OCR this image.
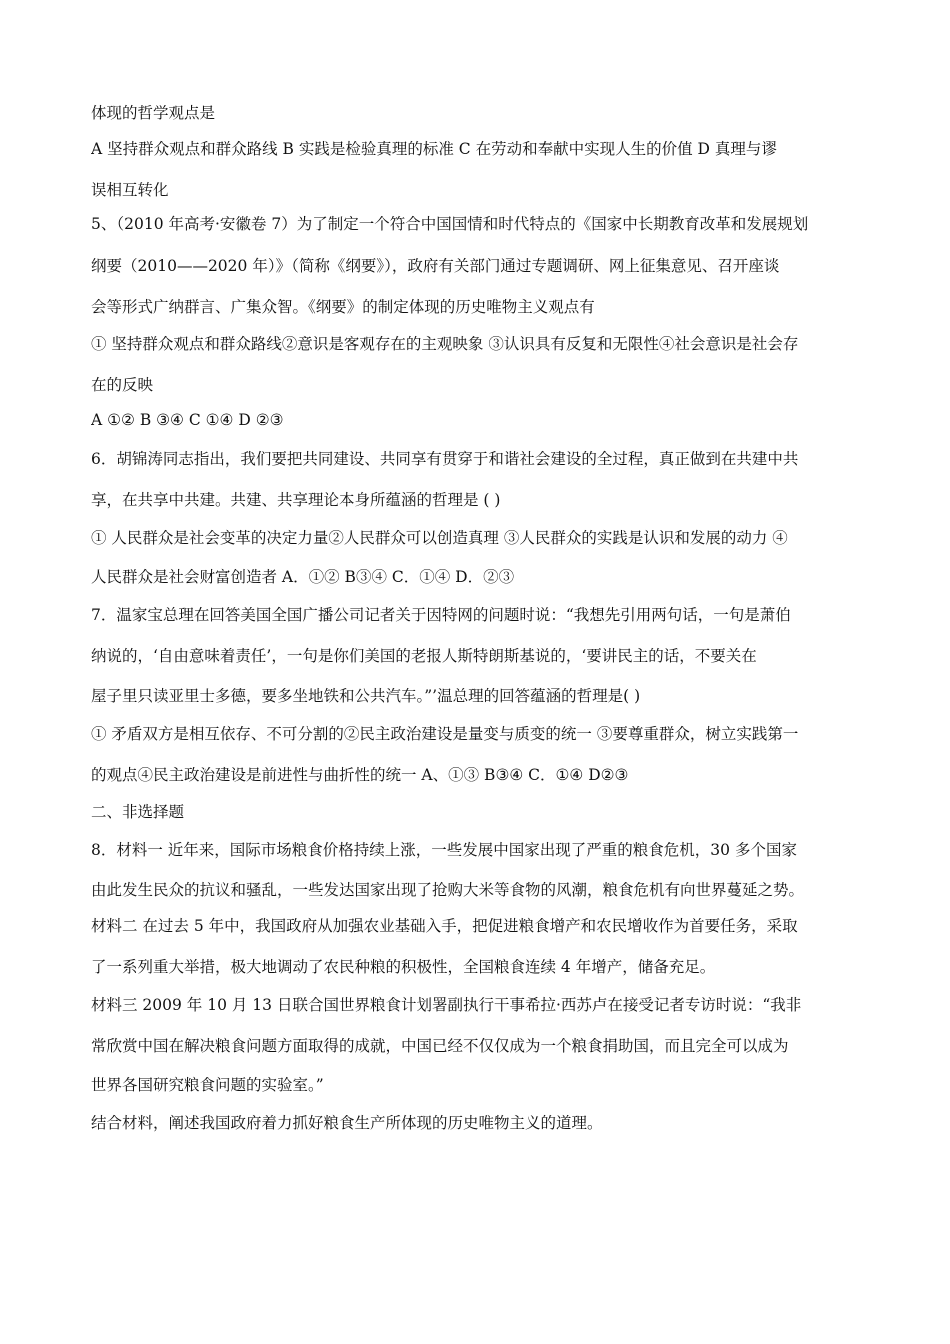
体现的哲学观点是
A 坚持群众观点和群众路线 B 实践是检验真理的标准 C 在劳动和奉献中实现人生的价值 D 真理与谬
误相互转化
5、（2010 年高考·安徽卷 7）为了制定一个符合中国国情和时代特点的《国家中长期教育改革和发展规划
纲要（2010——2020 年）》（简称《纲要》），政府有关部门通过专题调研、网上征集意见、召开座谈
会等形式广纳群言、广集众智。《纲要》的制定体现的历史唯物主义观点有
① 坚持群众观点和群众路线②意识是客观存在的主观映象 ③认识具有反复和无限性④社会意识是社会存
在的反映
A ①② B ③④ C ①④ D ②③
6．胡锦涛同志指出，我们要把共同建设、共同享有贯穿于和谐社会建设的全过程，真正做到在共建中共
享，在共享中共建。共建、共享理论本身所蕴涵的哲理是 ( )
① 人民群众是社会变革的决定力量②人民群众可以创造真理 ③人民群众的实践是认识和发展的动力 ④
人民群众是社会财富创造者 A．①② B③④ C．①④ D．②③
7．温家宝总理在回答美国全国广播公司记者关于因特网的问题时说：“我想先引用两句话，一句是萧伯
纳说的，‘自由意味着责任’，一句是你们美国的老报人斯特朗斯基说的，‘要讲民主的话，不要关在
屋子里只读亚里士多德，要多坐地铁和公共汽车。”’温总理的回答蕴涵的哲理是( )
① 矛盾双方是相互依存、不可分割的②民主政治建设是量变与质变的统一 ③要尊重群众，树立实践第一
的观点④民主政治建设是前进性与曲折性的统一 A、①③ B③④ C．①④ D②③
二、非选择题
8．材料一 近年来，国际市场粮食价格持续上涨，一些发展中国家出现了严重的粮食危机，30 多个国家
由此发生民众的抗议和骚乱，一些发达国家出现了抢购大米等食物的风潮，粮食危机有向世界蔓延之势。
材料二 在过去 5 年中，我国政府从加强农业基础入手，把促进粮食增产和农民增收作为首要任务，采取
了一系列重大举措，极大地调动了农民种粮的积极性，全国粮食连续 4 年增产，储备充足。
材料三 2009 年 10 月 13 日联合国世界粮食计划署副执行干事希拉·西苏卢在接受记者专访时说：“我非
常欣赏中国在解决粮食问题方面取得的成就，中国已经不仅仅成为一个粮食捐助国，而且完全可以成为
世界各国研究粮食问题的实验室。”
结合材料，阐述我国政府着力抓好粮食生产所体现的历史唯物主义的道理。
